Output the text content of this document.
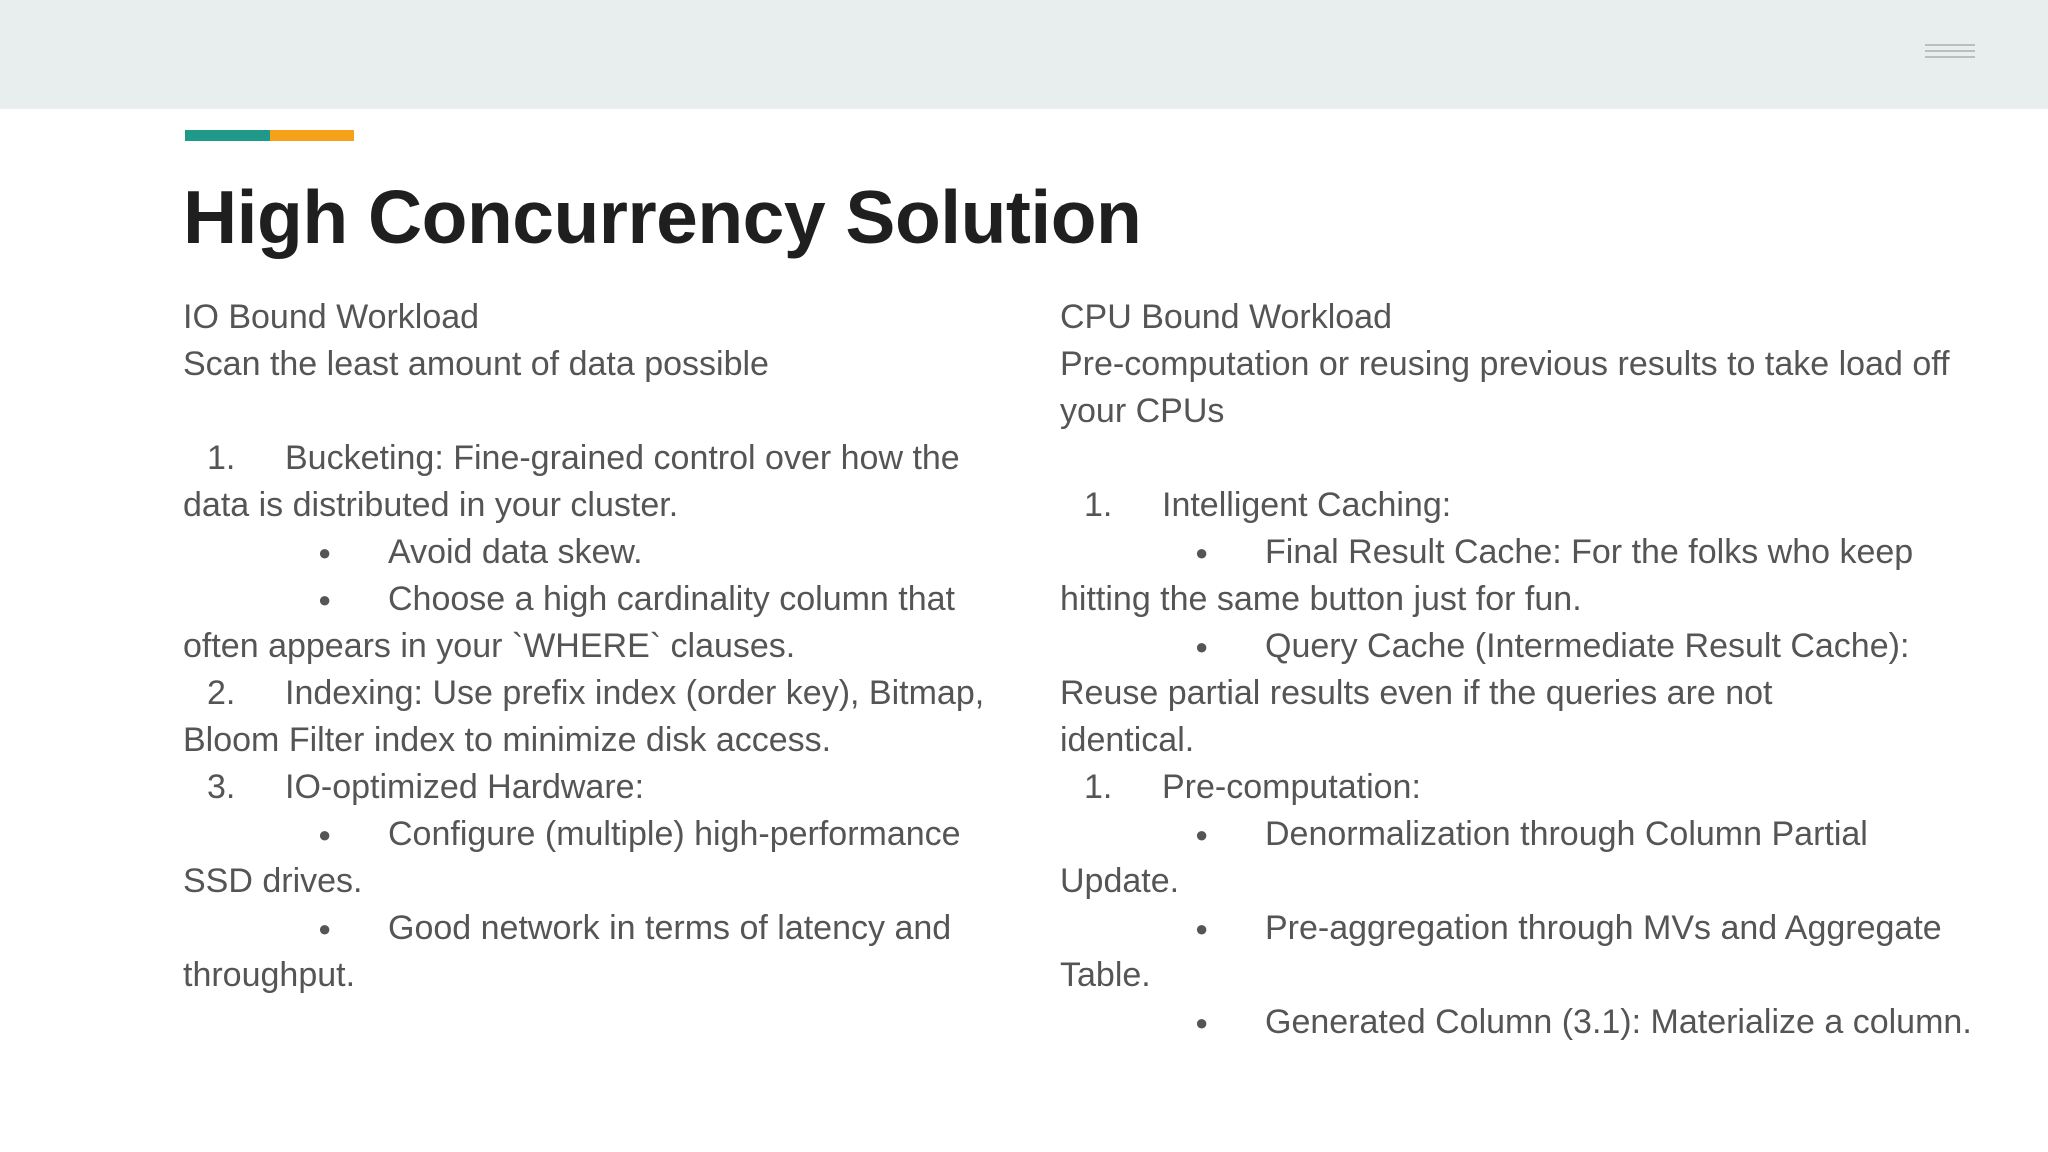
High Concurrency Solution
IO Bound Workload
Scan the least amount of data possible
1. Bucketing: Fine-grained control over how the

data is distributed in your cluster.
● Avoid data skew.

● Choose a high cardinality column that

often appears in your `WHERE` clauses.
2. Indexing: Use prefix index (order key), Bitmap,

Bloom Filter index to minimize disk access.
3. IO-optimized Hardware:

● Configure (multiple) high-performance

SSD drives.
● Good network in terms of latency and

throughput.
CPU Bound Workload
Pre-computation or reusing previous results to take load off
your CPUs
1. Intelligent Caching:

● Final Result Cache: For the folks who keep

hitting the same button just for fun.
● Query Cache (Intermediate Result Cache):

Reuse partial results even if the queries are not
identical.
1. Pre-computation:

● Denormalization through Column Partial

Update.
● Pre-aggregation through MVs and Aggregate

Table.
● Generated Column (3.1): Materialize a column.
